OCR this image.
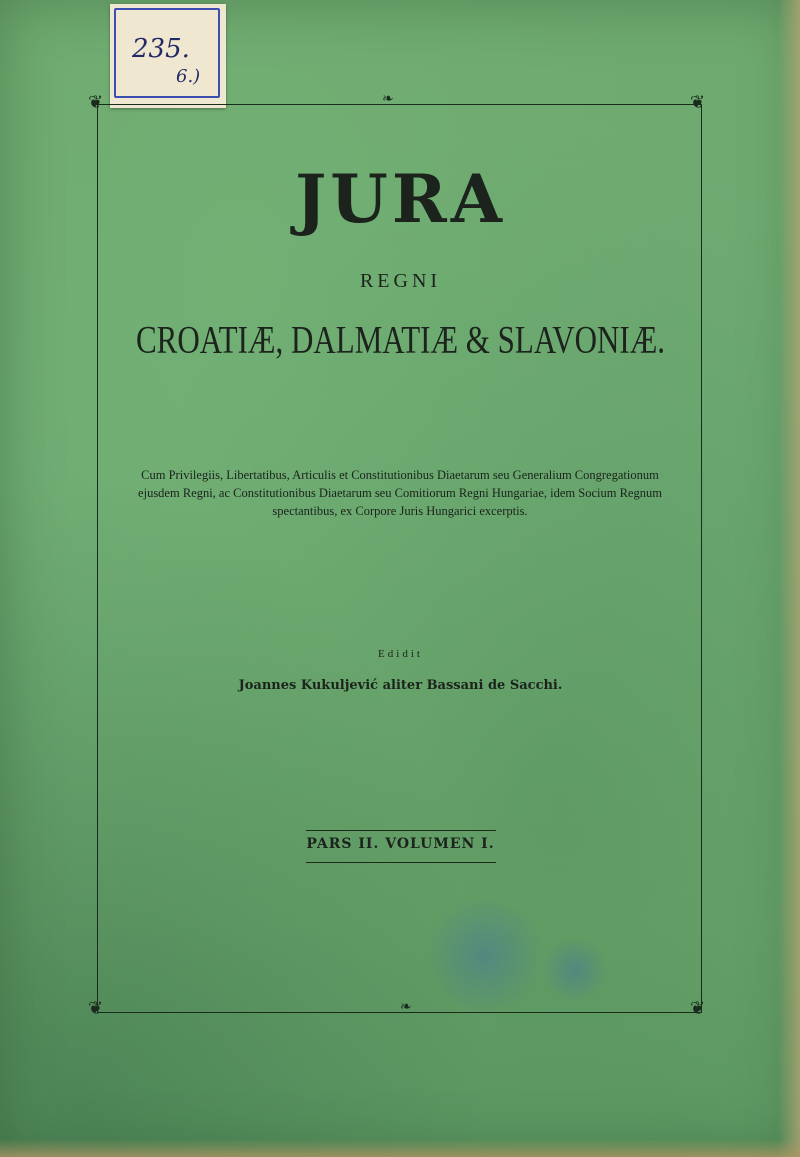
235.
6.)
❦	❦
❦	❦
❧
❧
JURA
REGNI
CROATIÆ, DALMATIÆ & SLAVONIÆ.
Cum Privilegiis, Libertatibus, Articulis et Constitutionibus Diaetarum seu Generalium Congregationum ejusdem Regni, ac Constitutionibus Diaetarum seu Comitiorum Regni Hungariae, idem Socium Regnum spectantibus, ex Corpore Juris Hungarici excerptis.
Edidit
Joannes Kukuljević aliter Bassani de Sacchi.
PARS II. VOLUMEN I.
